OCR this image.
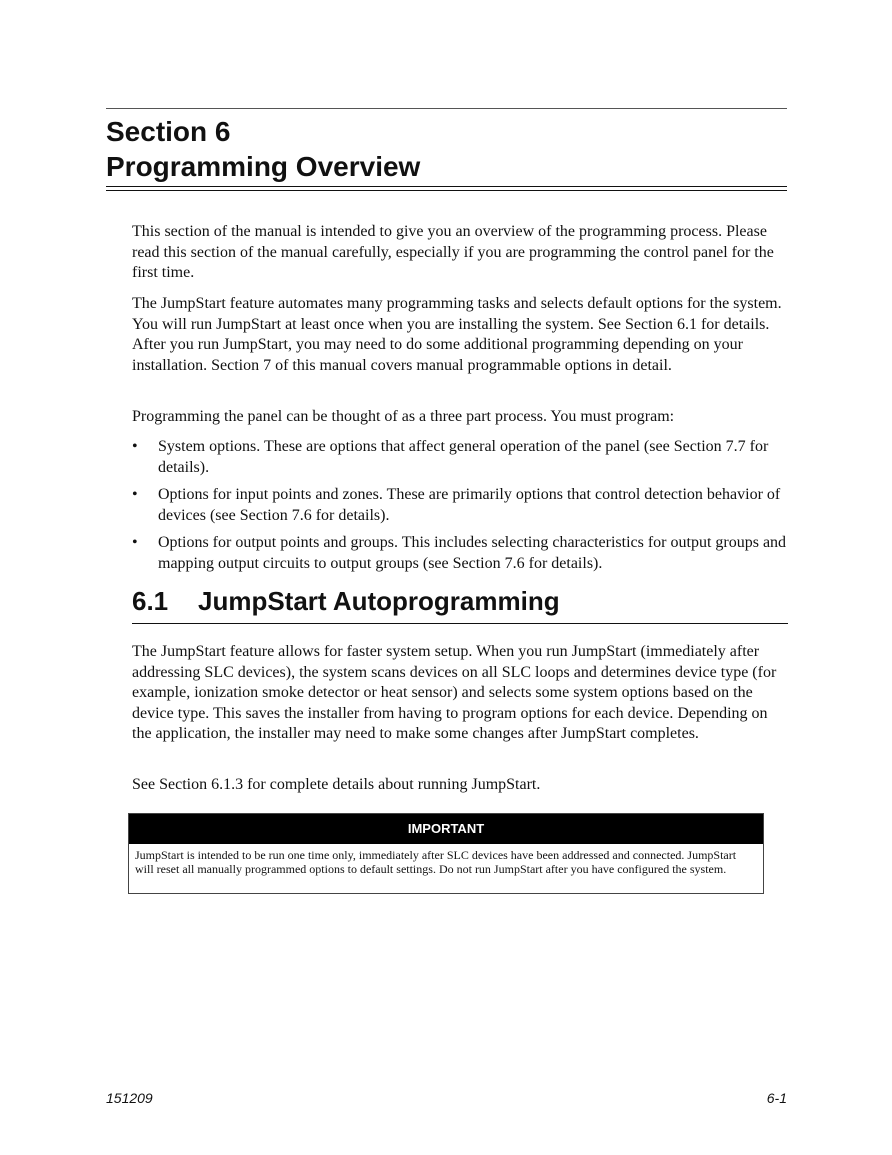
Section 6
Programming Overview

This section of the manual is intended to give you an overview of the programming process. Please read this section of the manual carefully, especially if you are programming the control panel for the first time.

The JumpStart feature automates many programming tasks and selects default options for the system. You will run JumpStart at least once when you are installing the system. See Section 6.1 for details. After you run JumpStart, you may need to do some additional programming depending on your installation. Section 7 of this manual covers manual programmable options in detail.

Programming the panel can be thought of as a three part process. You must program:

• System options. These are options that affect general operation of the panel (see Section 7.7 for details).
• Options for input points and zones. These are primarily options that control detection behavior of devices (see Section 7.6 for details).
• Options for output points and groups. This includes selecting characteristics for output groups and mapping output circuits to output groups (see Section 7.6 for details).
6.1 JumpStart Autoprogramming

The JumpStart feature allows for faster system setup. When you run JumpStart (immediately after addressing SLC devices), the system scans devices on all SLC loops and determines device type (for example, ionization smoke detector or heat sensor) and selects some system options based on the device type. This saves the installer from having to program options for each device. Depending on the application, the installer may need to make some changes after JumpStart completes.

See Section 6.1.3 for complete details about running JumpStart.

IMPORTANT
JumpStart is intended to be run one time only, immediately after SLC devices have been addressed and connected. JumpStart will reset all manually programmed options to default settings. Do not run JumpStart after you have configured the system.
151209	6-1
